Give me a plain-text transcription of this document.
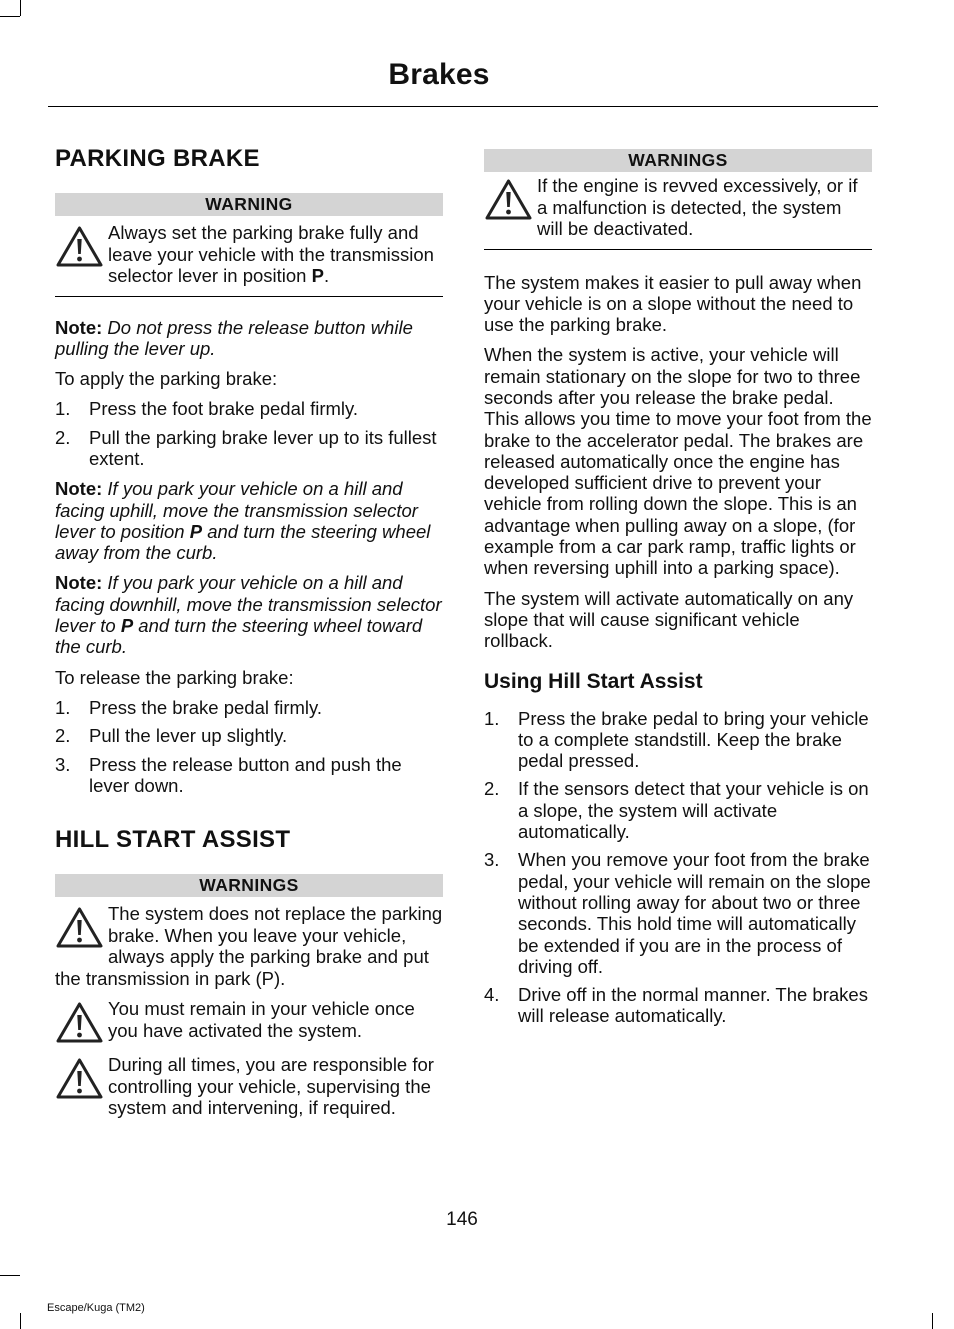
Brakes
PARKING BRAKE
WARNING
Always set the parking brake fully and leave your vehicle with the transmission selector lever in position P.

Note: Do not press the release button while pulling the lever up.

To apply the parking brake:

1. Press the foot brake pedal firmly.
2. Pull the parking brake lever up to its fullest extent.

Note: If you park your vehicle on a hill and facing uphill, move the transmission selector lever to position P and turn the steering wheel away from the curb.

Note: If you park your vehicle on a hill and facing downhill, move the transmission selector lever to P and turn the steering wheel toward the curb.

To release the parking brake:

1. Press the brake pedal firmly.
2. Pull the lever up slightly.
3. Press the release button and push the lever down.
HILL START ASSIST
WARNINGS
The system does not replace the parking brake. When you leave your vehicle, always apply the parking brake and put the transmission in park (P).
You must remain in your vehicle once you have activated the system.
During all times, you are responsible for controlling your vehicle, supervising the system and intervening, if required.
WARNINGS
If the engine is revved excessively, or if a malfunction is detected, the system will be deactivated.

The system makes it easier to pull away when your vehicle is on a slope without the need to use the parking brake.

When the system is active, your vehicle will remain stationary on the slope for two to three seconds after you release the brake pedal. This allows you time to move your foot from the brake to the accelerator pedal. The brakes are released automatically once the engine has developed sufficient drive to prevent your vehicle from rolling down the slope. This is an advantage when pulling away on a slope, (for example from a car park ramp, traffic lights or when reversing uphill into a parking space).

The system will activate automatically on any slope that will cause significant vehicle rollback.

Using Hill Start Assist
1. Press the brake pedal to bring your vehicle to a complete standstill. Keep the brake pedal pressed.
2. If the sensors detect that your vehicle is on a slope, the system will activate automatically.
3. When you remove your foot from the brake pedal, your vehicle will remain on the slope without rolling away for about two or three seconds. This hold time will automatically be extended if you are in the process of driving off.
4. Drive off in the normal manner. The brakes will release automatically.
146
Escape/Kuga (TM2)
